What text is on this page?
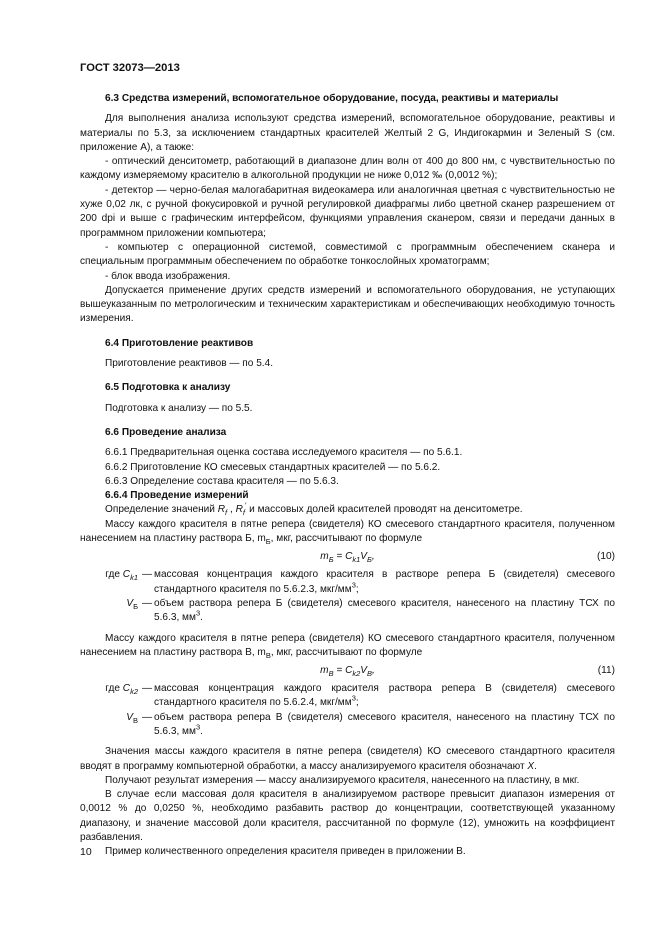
ГОСТ 32073—2013

6.3 Средства измерений, вспомогательное оборудование, посуда, реактивы и материалы

Для выполнения анализа используют средства измерений, вспомогательное оборудование, реактивы и материалы по 5.3, за исключением стандартных красителей Желтый 2 G, Индигокармин и Зеленый S (см. приложение А), а также:

- оптический денситометр, работающий в диапазоне длин волн от 400 до 800 нм, с чувствительностью по каждому измеряемому красителю в алкогольной продукции не ниже 0,012 ‰ (0,0012 %);

- детектор — черно-белая малогабаритная видеокамера или аналогичная цветная с чувствительностью не хуже 0,02 лк, с ручной фокусировкой и ручной регулировкой диафрагмы либо цветной сканер разрешением от 200 dpi и выше с графическим интерфейсом, функциями управления сканером, связи и передачи данных в программном приложении компьютера;

- компьютер с операционной системой, совместимой с программным обеспечением сканера и специальным программным обеспечением по обработке тонкослойных хроматограмм;

- блок ввода изображения.

Допускается применение других средств измерений и вспомогательного оборудования, не уступающих вышеуказанным по метрологическим и техническим характеристикам и обеспечивающих необходимую точность измерения.

6.4 Приготовление реактивов

Приготовление реактивов — по 5.4.

6.5 Подготовка к анализу

Подготовка к анализу — по 5.5.

6.6 Проведение анализа

6.6.1 Предварительная оценка состава исследуемого красителя — по 5.6.1.

6.6.2 Приготовление КО смесевых стандартных красителей — по 5.6.2.

6.6.3 Определение состава красителя — по 5.6.3.

6.6.4 Проведение измерений

Определение значений $R_f$ , $R_f'$ и массовых долей красителей проводят на денситометре.

Массу каждого красителя в пятне репера (свидетеля) КО смесевого стандартного красителя, полученном нанесением на пластину раствора Б, $m_Б$, мкг, рассчитывают по формуле

$m_Б = C_{k1}V_Б$,	(10)
где $C_{k1}$ — массовая концентрация каждого красителя в растворе репера Б (свидетеля) смесевого стандартного красителя по 5.6.2.3, мкг/$мм^3$;
$V_Б$ — объем раствора репера Б (свидетеля) смесевого красителя, нанесеного на пластину ТСХ по 5.6.3, $мм^3$.

Массу каждого красителя в пятне репера (свидетеля) КО смесевого стандартного красителя, полученном нанесением на пластину раствора В, $m_В$, мкг, рассчитывают по формуле

$m_В = C_{k2}V_В$,	(11)
где $C_{k2}$ — массовая концентрация каждого красителя раствора репера В (свидетеля) смесевого стандартного красителя по 5.6.2.4, мкг/$мм^3$;
$V_В$ — объем раствора репера В (свидетеля) смесевого красителя, нанесеного на пластину ТСХ по 5.6.3, $мм^3$.

Значения массы каждого красителя в пятне репера (свидетеля) КО смесевого стандартного красителя вводят в программу компьютерной обработки, а массу анализируемого красителя обозначают X.

Получают результат измерения — массу анализируемого красителя, нанесенного на пластину, в мкг.

В случае если массовая доля красителя в анализируемом растворе превысит диапазон измерения от 0,0012 % до 0,0250 %, необходимо разбавить раствор до концентрации, соответствующей указанному диапазону, и значение массовой доли красителя, рассчитанной по формуле (12), умножить на коэффициент разбавления.

Пример количественного определения красителя приведен в приложении В.

10
